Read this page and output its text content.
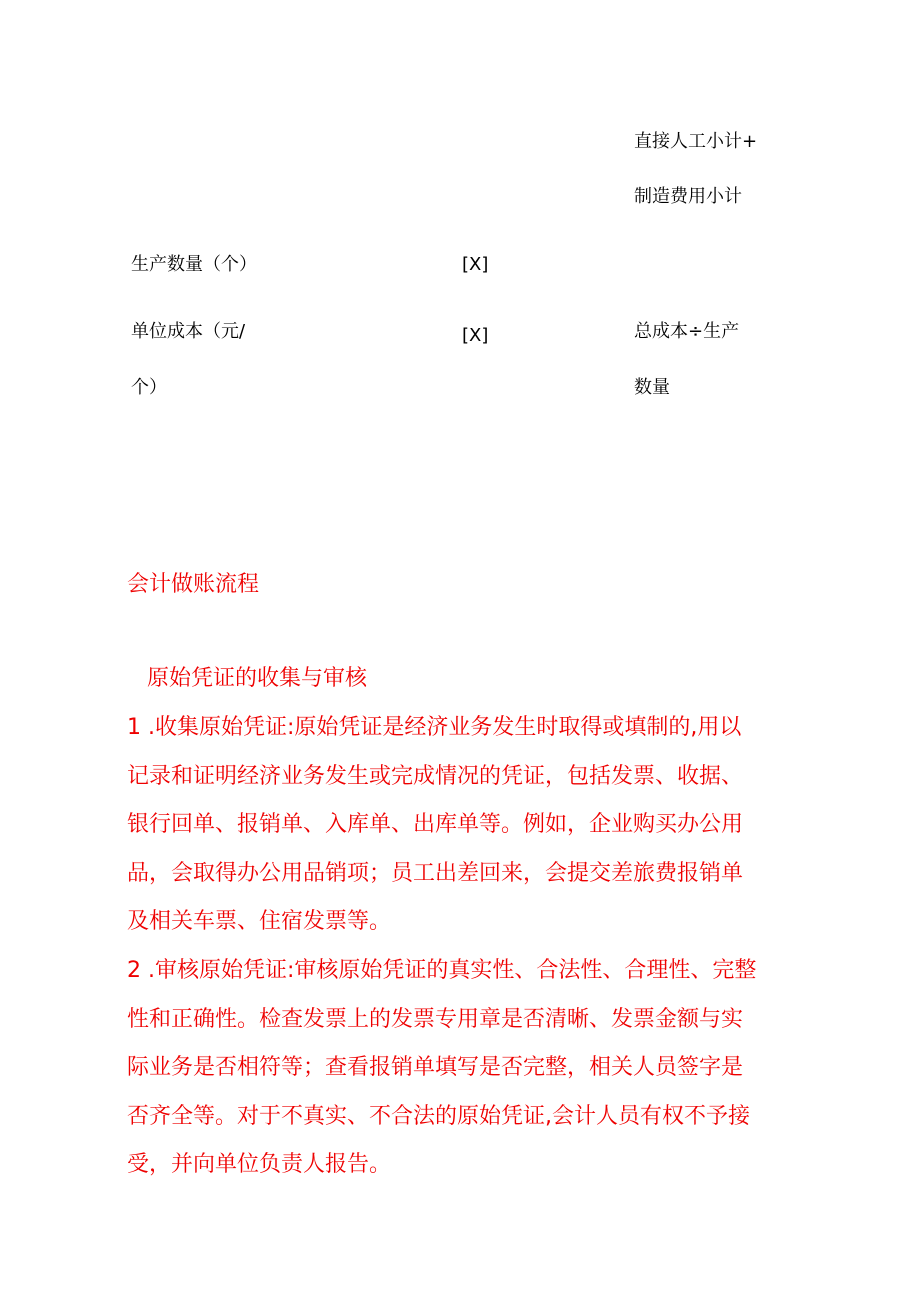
直接人工小计+
制造费用小计
生产数量（个）	[X]
单位成本（元/
个）
[X]	总成本÷生产
数量
会计做账流程
原始凭证的收集与审核
1 .收集原始凭证:原始凭证是经济业务发生时取得或填制的,用以
记录和证明经济业务发生或完成情况的凭证，包括发票、收据、
银行回单、报销单、入库单、出库单等。例如，企业购买办公用
品，会取得办公用品销项；员工出差回来，会提交差旅费报销单
及相关车票、住宿发票等。
2 .审核原始凭证:审核原始凭证的真实性、合法性、合理性、完整
性和正确性。检查发票上的发票专用章是否清晰、发票金额与实
际业务是否相符等；查看报销单填写是否完整，相关人员签字是
否齐全等。对于不真实、不合法的原始凭证,会计人员有权不予接
受，并向单位负责人报告。
